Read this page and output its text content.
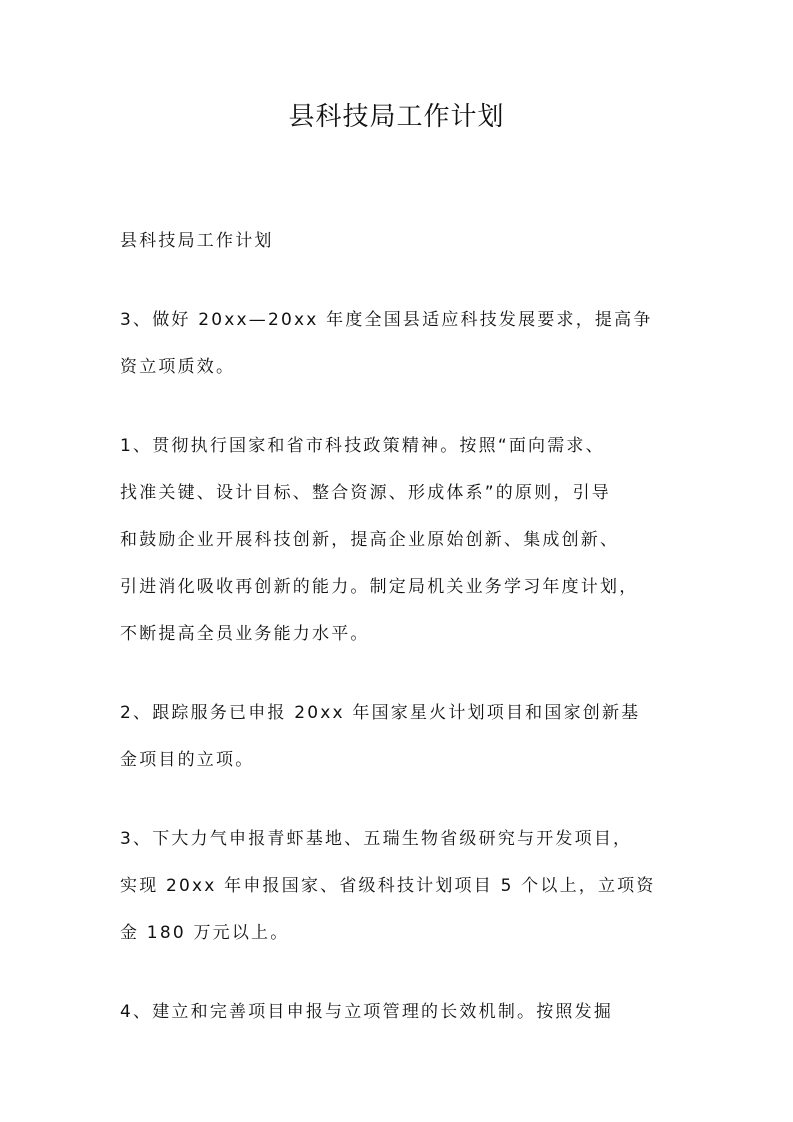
县科技局工作计划

县科技局工作计划

3、做好 20xx—20xx 年度全国县适应科技发展要求，提高争

资立项质效。

1、贯彻执行国家和省市科技政策精神。按照“面向需求、

找准关键、设计目标、整合资源、形成体系”的原则，引导

和鼓励企业开展科技创新，提高企业原始创新、集成创新、

引进消化吸收再创新的能力。制定局机关业务学习年度计划，

不断提高全员业务能力水平。

2、跟踪服务已申报 20xx 年国家星火计划项目和国家创新基

金项目的立项。

3、下大力气申报青虾基地、五瑞生物省级研究与开发项目，

实现 20xx 年申报国家、省级科技计划项目 5 个以上，立项资

金 180 万元以上。

4、建立和完善项目申报与立项管理的长效机制。按照发掘
